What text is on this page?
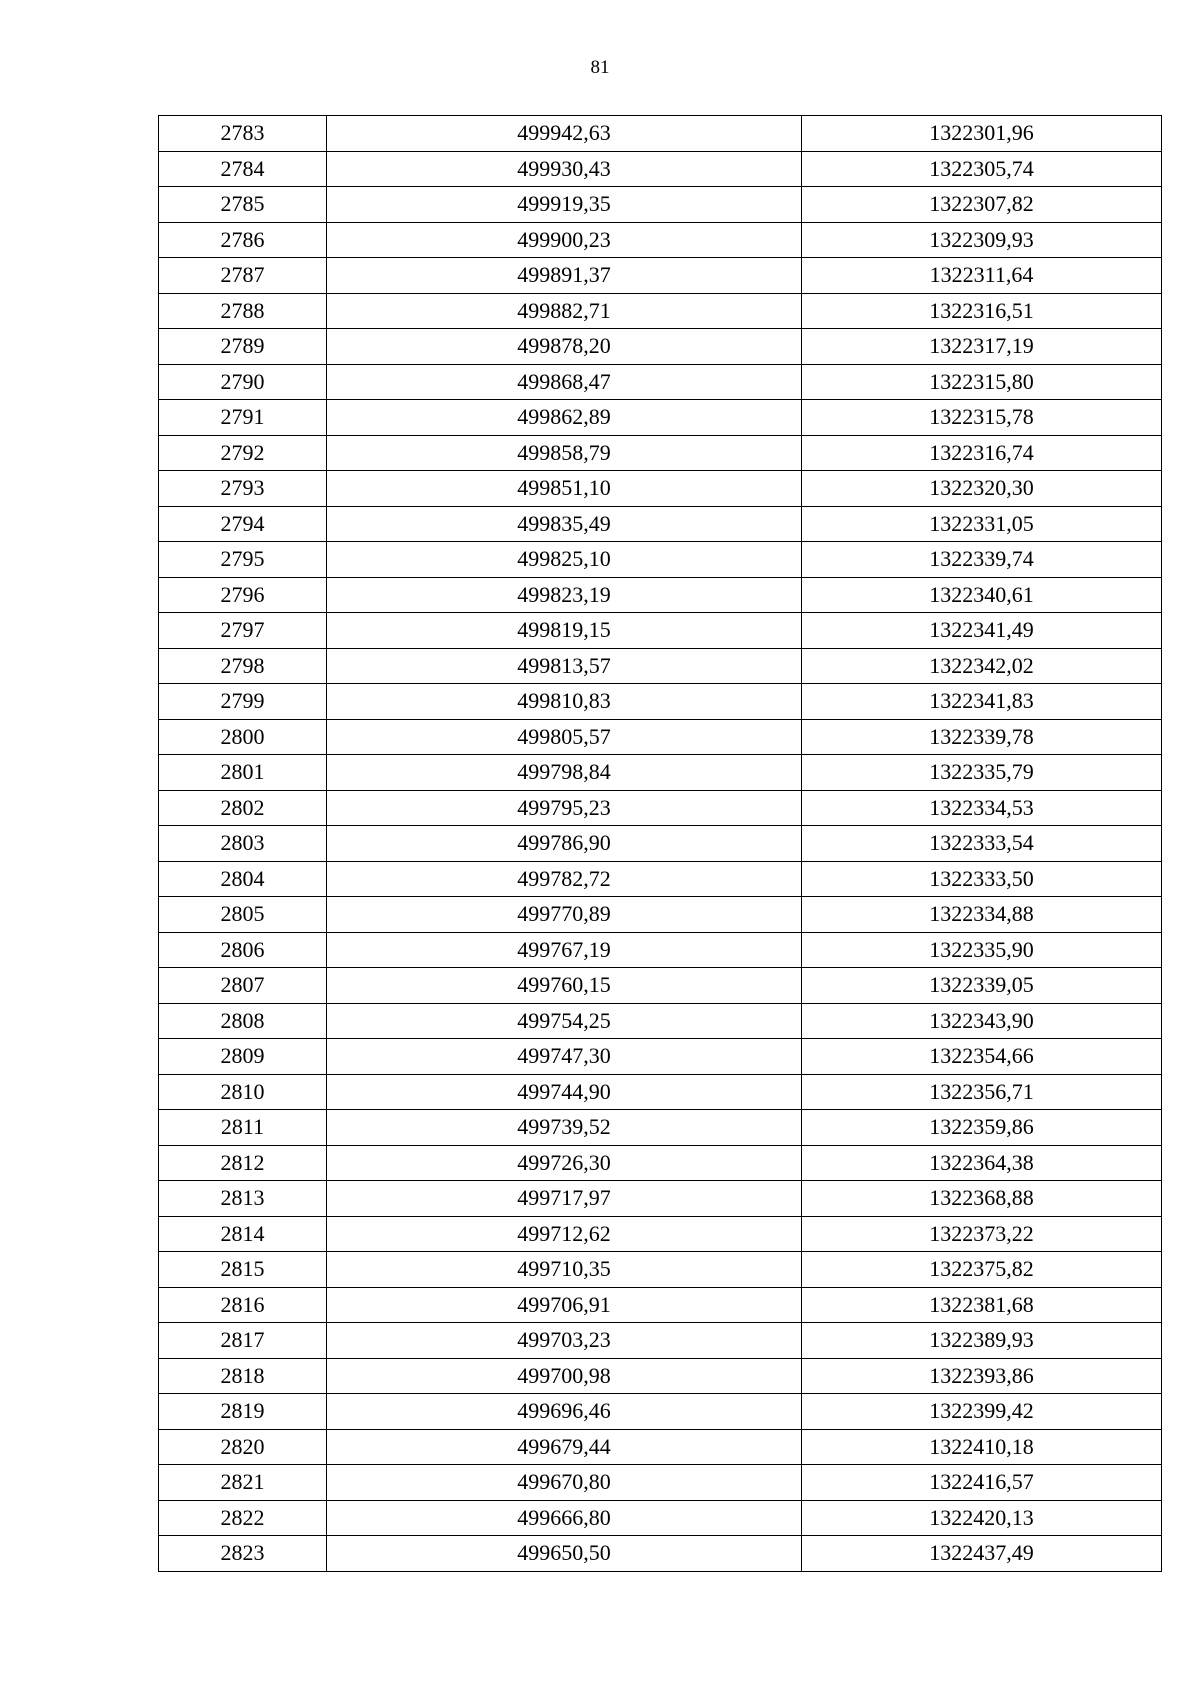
81
2783	499942,63	1322301,96
2784	499930,43	1322305,74
2785	499919,35	1322307,82
2786	499900,23	1322309,93
2787	499891,37	1322311,64
2788	499882,71	1322316,51
2789	499878,20	1322317,19
2790	499868,47	1322315,80
2791	499862,89	1322315,78
2792	499858,79	1322316,74
2793	499851,10	1322320,30
2794	499835,49	1322331,05
2795	499825,10	1322339,74
2796	499823,19	1322340,61
2797	499819,15	1322341,49
2798	499813,57	1322342,02
2799	499810,83	1322341,83
2800	499805,57	1322339,78
2801	499798,84	1322335,79
2802	499795,23	1322334,53
2803	499786,90	1322333,54
2804	499782,72	1322333,50
2805	499770,89	1322334,88
2806	499767,19	1322335,90
2807	499760,15	1322339,05
2808	499754,25	1322343,90
2809	499747,30	1322354,66
2810	499744,90	1322356,71
2811	499739,52	1322359,86
2812	499726,30	1322364,38
2813	499717,97	1322368,88
2814	499712,62	1322373,22
2815	499710,35	1322375,82
2816	499706,91	1322381,68
2817	499703,23	1322389,93
2818	499700,98	1322393,86
2819	499696,46	1322399,42
2820	499679,44	1322410,18
2821	499670,80	1322416,57
2822	499666,80	1322420,13
2823	499650,50	1322437,49
